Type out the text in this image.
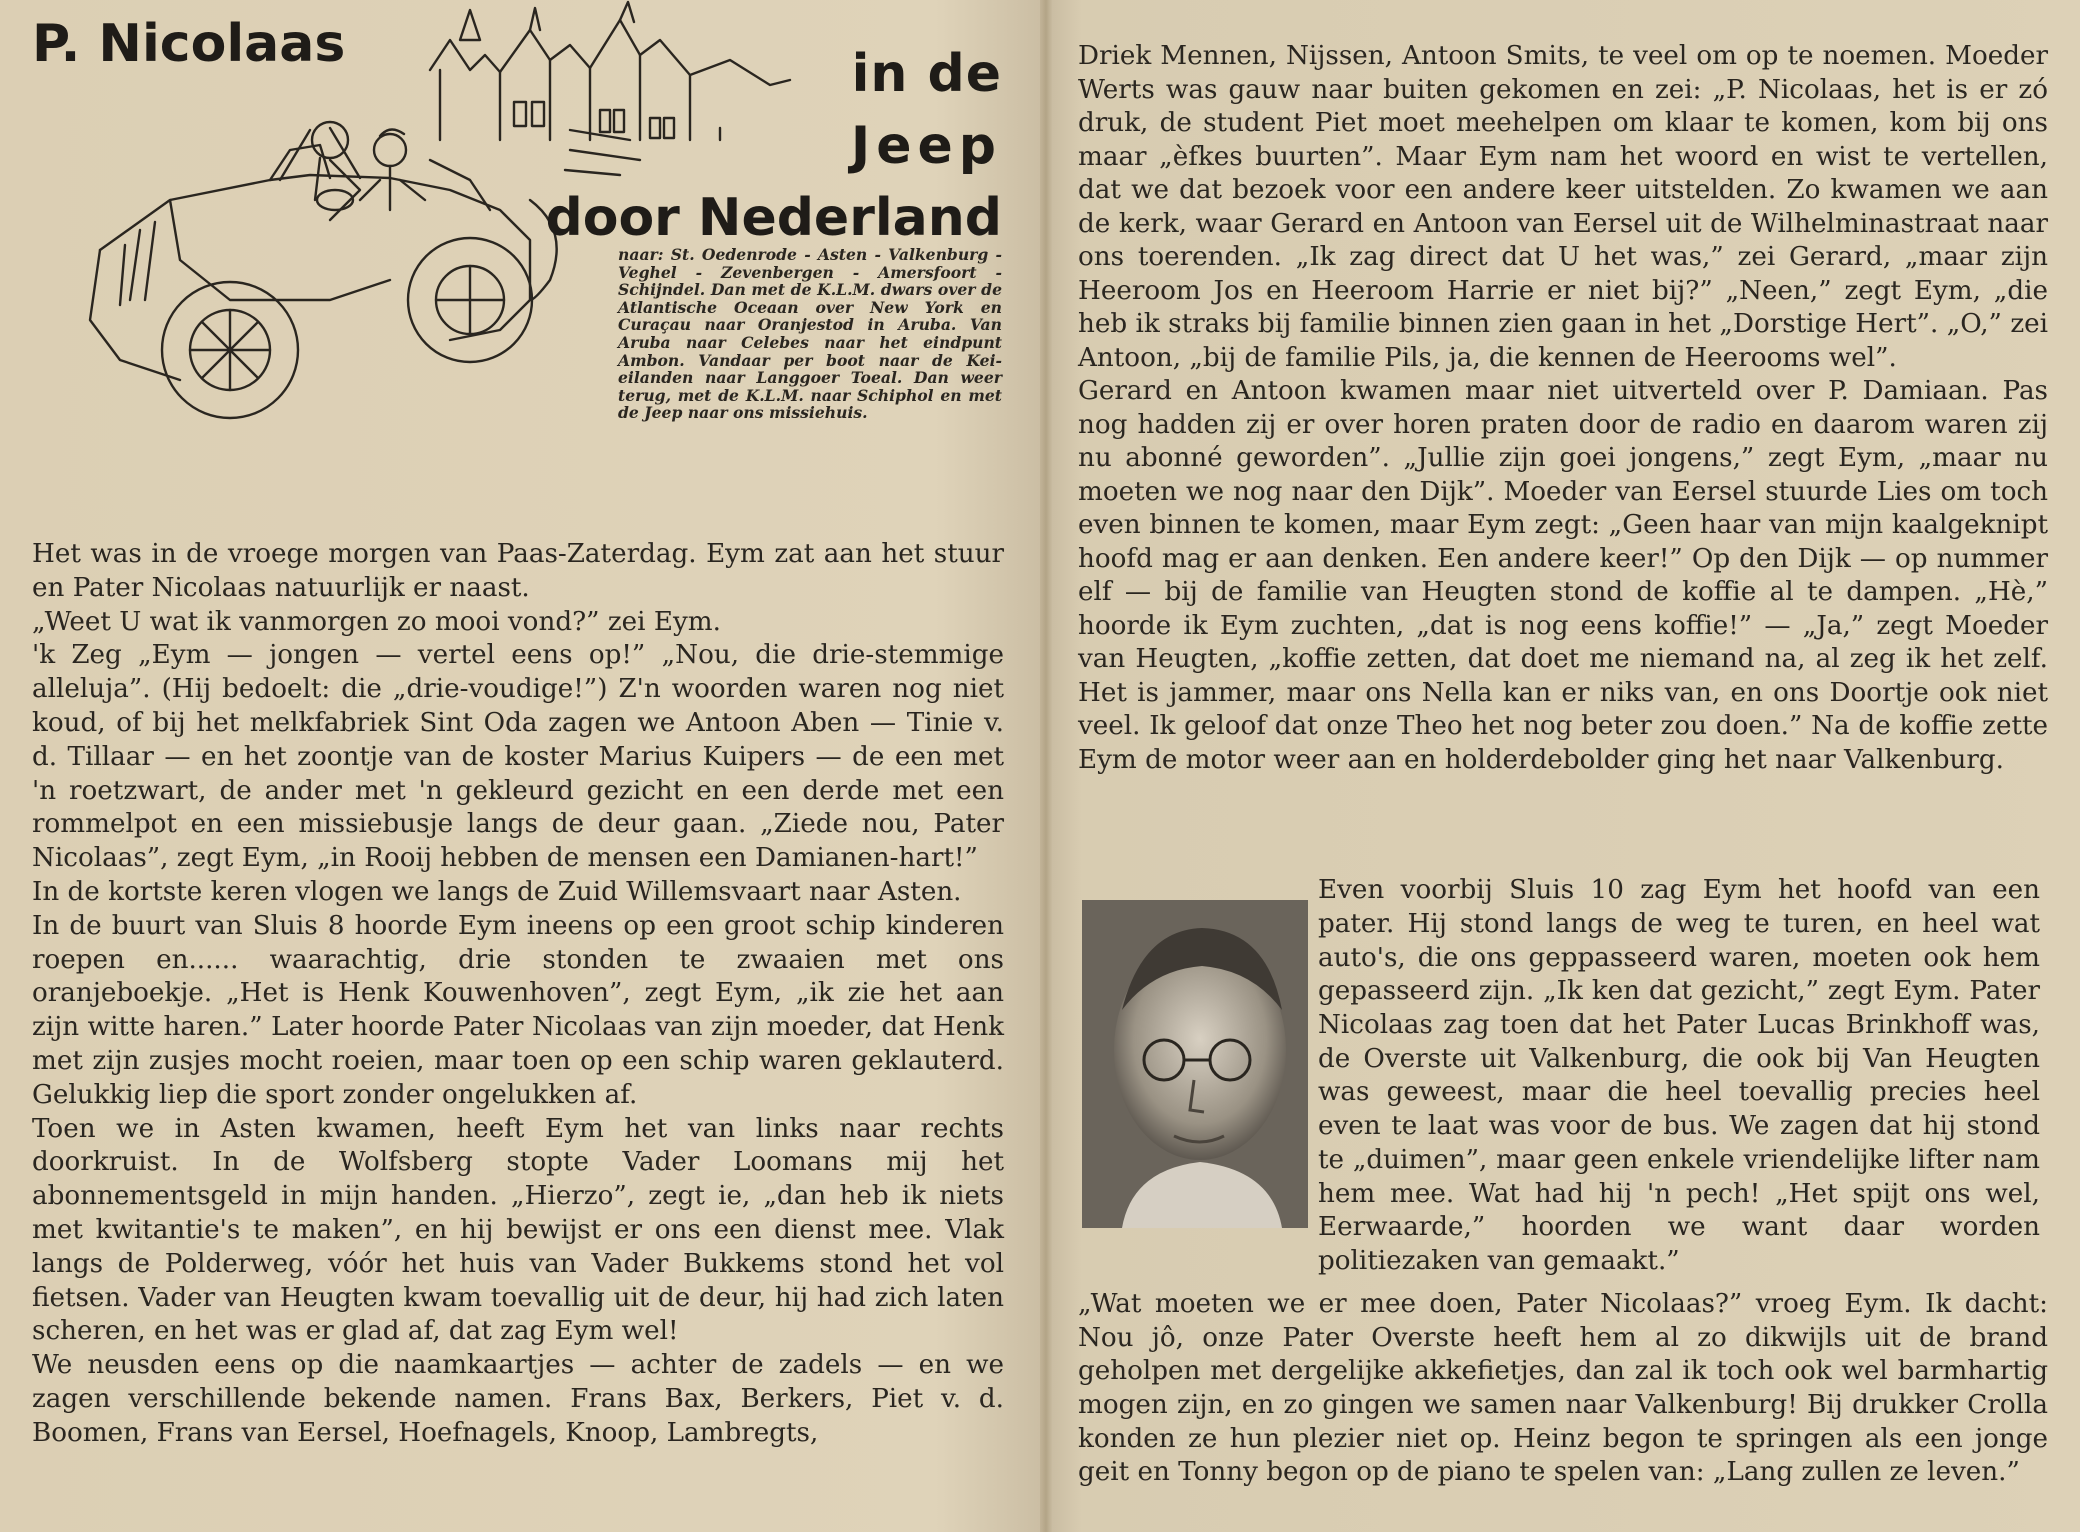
P. Nicolaas	in de
Jeep
door Nederland

naar: St. Oedenrode - Asten - Valkenburg - Veghel - Zevenbergen - Amersfoort - Schijndel. Dan met de K.L.M. dwars over de Atlantische Oceaan over New York en Curaçau naar Oranjestod in Aruba. Van Aruba naar Celebes naar het eindpunt Ambon. Vandaar per boot naar de Kei-eilanden naar Langgoer Toeal. Dan weer terug, met de K.L.M. naar Schiphol en met de Jeep naar ons missiehuis.

Het was in de vroege morgen van Paas-Zaterdag. Eym zat aan het stuur en Pater Nicolaas natuurlijk er naast.

„Weet U wat ik vanmorgen zo mooi vond?” zei Eym.

'k Zeg „Eym — jongen — vertel eens op!” „Nou, die drie-stemmige alleluja”. (Hij bedoelt: die „drie-voudige!”) Z'n woorden waren nog niet koud, of bij het melkfabriek Sint Oda zagen we Antoon Aben — Tinie v. d. Tillaar — en het zoontje van de koster Marius Kuipers — de een met 'n roetzwart, de ander met 'n gekleurd gezicht en een derde met een rommelpot en een missiebusje langs de deur gaan. „Ziede nou, Pater Nicolaas”, zegt Eym, „in Rooij hebben de mensen een Damianen-hart!”

In de kortste keren vlogen we langs de Zuid Willemsvaart naar Asten.

In de buurt van Sluis 8 hoorde Eym ineens op een groot schip kinderen roepen en...... waarachtig, drie stonden te zwaaien met ons oranjeboekje. „Het is Henk Kouwenhoven”, zegt Eym, „ik zie het aan zijn witte haren.” Later hoorde Pater Nicolaas van zijn moeder, dat Henk met zijn zusjes mocht roeien, maar toen op een schip waren geklauterd. Gelukkig liep die sport zonder ongelukken af.

Toen we in Asten kwamen, heeft Eym het van links naar rechts doorkruist. In de Wolfsberg stopte Vader Loomans mij het abonnementsgeld in mijn handen. „Hierzo”, zegt ie, „dan heb ik niets met kwitantie's te maken”, en hij bewijst er ons een dienst mee. Vlak langs de Polderweg, vóór het huis van Vader Bukkems stond het vol fietsen. Vader van Heugten kwam toevallig uit de deur, hij had zich laten scheren, en het was er glad af, dat zag Eym wel!

We neusden eens op die naamkaartjes — achter de zadels — en we zagen verschillende bekende namen. Frans Bax, Berkers, Piet v. d. Boomen, Frans van Eersel, Hoefnagels, Knoop, Lambregts,

Driek Mennen, Nijssen, Antoon Smits, te veel om op te noemen. Moeder Werts was gauw naar buiten gekomen en zei: „P. Nicolaas, het is er zó druk, de student Piet moet meehelpen om klaar te komen, kom bij ons maar „èfkes buurten”. Maar Eym nam het woord en wist te vertellen, dat we dat bezoek voor een andere keer uitstelden. Zo kwamen we aan de kerk, waar Gerard en Antoon van Eersel uit de Wilhelminastraat naar ons toerenden. „Ik zag direct dat U het was,” zei Gerard, „maar zijn Heeroom Jos en Heeroom Harrie er niet bij?” „Neen,” zegt Eym, „die heb ik straks bij familie binnen zien gaan in het „Dorstige Hert”. „O,” zei Antoon, „bij de familie Pils, ja, die kennen de Heerooms wel”.

Gerard en Antoon kwamen maar niet uitverteld over P. Damiaan. Pas nog hadden zij er over horen praten door de radio en daarom waren zij nu abonné geworden”. „Jullie zijn goei jongens,” zegt Eym, „maar nu moeten we nog naar den Dijk”. Moeder van Eersel stuurde Lies om toch even binnen te komen, maar Eym zegt: „Geen haar van mijn kaalgeknipt hoofd mag er aan denken. Een andere keer!” Op den Dijk — op nummer elf — bij de familie van Heugten stond de koffie al te dampen. „Hè,” hoorde ik Eym zuchten, „dat is nog eens koffie!” — „Ja,” zegt Moeder van Heugten, „koffie zetten, dat doet me niemand na, al zeg ik het zelf. Het is jammer, maar ons Nella kan er niks van, en ons Doortje ook niet veel. Ik geloof dat onze Theo het nog beter zou doen.” Na de koffie zette Eym de motor weer aan en holderdebolder ging het naar Valkenburg.

Even voorbij Sluis 10 zag Eym het hoofd van een pater. Hij stond langs de weg te turen, en heel wat auto's, die ons geppasseerd waren, moeten ook hem gepasseerd zijn. „Ik ken dat gezicht,” zegt Eym. Pater Nicolaas zag toen dat het Pater Lucas Brinkhoff was, de Overste uit Valkenburg, die ook bij Van Heugten was geweest, maar die heel toevallig precies heel even te laat was voor de bus. We zagen dat hij stond te „duimen”, maar geen enkele vriendelijke lifter nam hem mee. Wat had hij 'n pech! „Het spijt ons wel, Eerwaarde,” hoorden we want daar worden politiezaken van gemaakt.”

„Wat moeten we er mee doen, Pater Nicolaas?” vroeg Eym. Ik dacht: Nou jô, onze Pater Overste heeft hem al zo dikwijls uit de brand geholpen met dergelijke akkefietjes, dan zal ik toch ook wel barmhartig mogen zijn, en zo gingen we samen naar Valkenburg! Bij drukker Crolla konden ze hun plezier niet op. Heinz begon te springen als een jonge geit en Tonny begon op de piano te spelen van: „Lang zullen ze leven.”
